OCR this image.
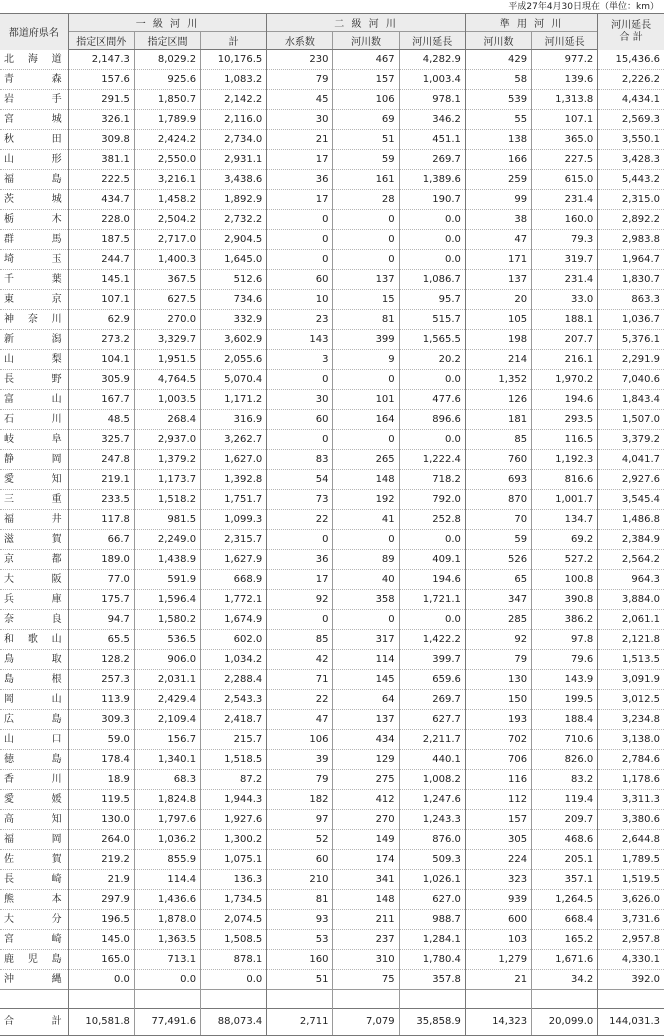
平成27年4月30日現在（単位：km）
都道府県名	一 級 河 川			二 級 河 川			準 用 河 川		河川延長合 計
	指定区間外	指定区間	計	水系数	河川数	河川延長	河川数	河川延長	
北海道	2,147.3	8,029.2	10,176.5	230	467	4,282.9	429	977.2	15,436.6
青森	157.6	925.6	1,083.2	79	157	1,003.4	58	139.6	2,226.2
岩手	291.5	1,850.7	2,142.2	45	106	978.1	539	1,313.8	4,434.1
宮城	326.1	1,789.9	2,116.0	30	69	346.2	55	107.1	2,569.3
秋田	309.8	2,424.2	2,734.0	21	51	451.1	138	365.0	3,550.1
山形	381.1	2,550.0	2,931.1	17	59	269.7	166	227.5	3,428.3
福島	222.5	3,216.1	3,438.6	36	161	1,389.6	259	615.0	5,443.2
茨城	434.7	1,458.2	1,892.9	17	28	190.7	99	231.4	2,315.0
栃木	228.0	2,504.2	2,732.2	0	0	0.0	38	160.0	2,892.2
群馬	187.5	2,717.0	2,904.5	0	0	0.0	47	79.3	2,983.8
埼玉	244.7	1,400.3	1,645.0	0	0	0.0	171	319.7	1,964.7
千葉	145.1	367.5	512.6	60	137	1,086.7	137	231.4	1,830.7
東京	107.1	627.5	734.6	10	15	95.7	20	33.0	863.3
神奈川	62.9	270.0	332.9	23	81	515.7	105	188.1	1,036.7
新潟	273.2	3,329.7	3,602.9	143	399	1,565.5	198	207.7	5,376.1
山梨	104.1	1,951.5	2,055.6	3	9	20.2	214	216.1	2,291.9
長野	305.9	4,764.5	5,070.4	0	0	0.0	1,352	1,970.2	7,040.6
富山	167.7	1,003.5	1,171.2	30	101	477.6	126	194.6	1,843.4
石川	48.5	268.4	316.9	60	164	896.6	181	293.5	1,507.0
岐阜	325.7	2,937.0	3,262.7	0	0	0.0	85	116.5	3,379.2
静岡	247.8	1,379.2	1,627.0	83	265	1,222.4	760	1,192.3	4,041.7
愛知	219.1	1,173.7	1,392.8	54	148	718.2	693	816.6	2,927.6
三重	233.5	1,518.2	1,751.7	73	192	792.0	870	1,001.7	3,545.4
福井	117.8	981.5	1,099.3	22	41	252.8	70	134.7	1,486.8
滋賀	66.7	2,249.0	2,315.7	0	0	0.0	59	69.2	2,384.9
京都	189.0	1,438.9	1,627.9	36	89	409.1	526	527.2	2,564.2
大阪	77.0	591.9	668.9	17	40	194.6	65	100.8	964.3
兵庫	175.7	1,596.4	1,772.1	92	358	1,721.1	347	390.8	3,884.0
奈良	94.7	1,580.2	1,674.9	0	0	0.0	285	386.2	2,061.1
和歌山	65.5	536.5	602.0	85	317	1,422.2	92	97.8	2,121.8
鳥取	128.2	906.0	1,034.2	42	114	399.7	79	79.6	1,513.5
島根	257.3	2,031.1	2,288.4	71	145	659.6	130	143.9	3,091.9
岡山	113.9	2,429.4	2,543.3	22	64	269.7	150	199.5	3,012.5
広島	309.3	2,109.4	2,418.7	47	137	627.7	193	188.4	3,234.8
山口	59.0	156.7	215.7	106	434	2,211.7	702	710.6	3,138.0
徳島	178.4	1,340.1	1,518.5	39	129	440.1	706	826.0	2,784.6
香川	18.9	68.3	87.2	79	275	1,008.2	116	83.2	1,178.6
愛媛	119.5	1,824.8	1,944.3	182	412	1,247.6	112	119.4	3,311.3
高知	130.0	1,797.6	1,927.6	97	270	1,243.3	157	209.7	3,380.6
福岡	264.0	1,036.2	1,300.2	52	149	876.0	305	468.6	2,644.8
佐賀	219.2	855.9	1,075.1	60	174	509.3	224	205.1	1,789.5
長崎	21.9	114.4	136.3	210	341	1,026.1	323	357.1	1,519.5
熊本	297.9	1,436.6	1,734.5	81	148	627.0	939	1,264.5	3,626.0
大分	196.5	1,878.0	2,074.5	93	211	988.7	600	668.4	3,731.6
宮崎	145.0	1,363.5	1,508.5	53	237	1,284.1	103	165.2	2,957.8
鹿児島	165.0	713.1	878.1	160	310	1,780.4	1,279	1,671.6	4,330.1
沖縄	0.0	0.0	0.0	51	75	357.8	21	34.2	392.0

合計	10,581.8	77,491.6	88,073.4	2,711	7,079	35,858.9	14,323	20,099.0	144,031.3
